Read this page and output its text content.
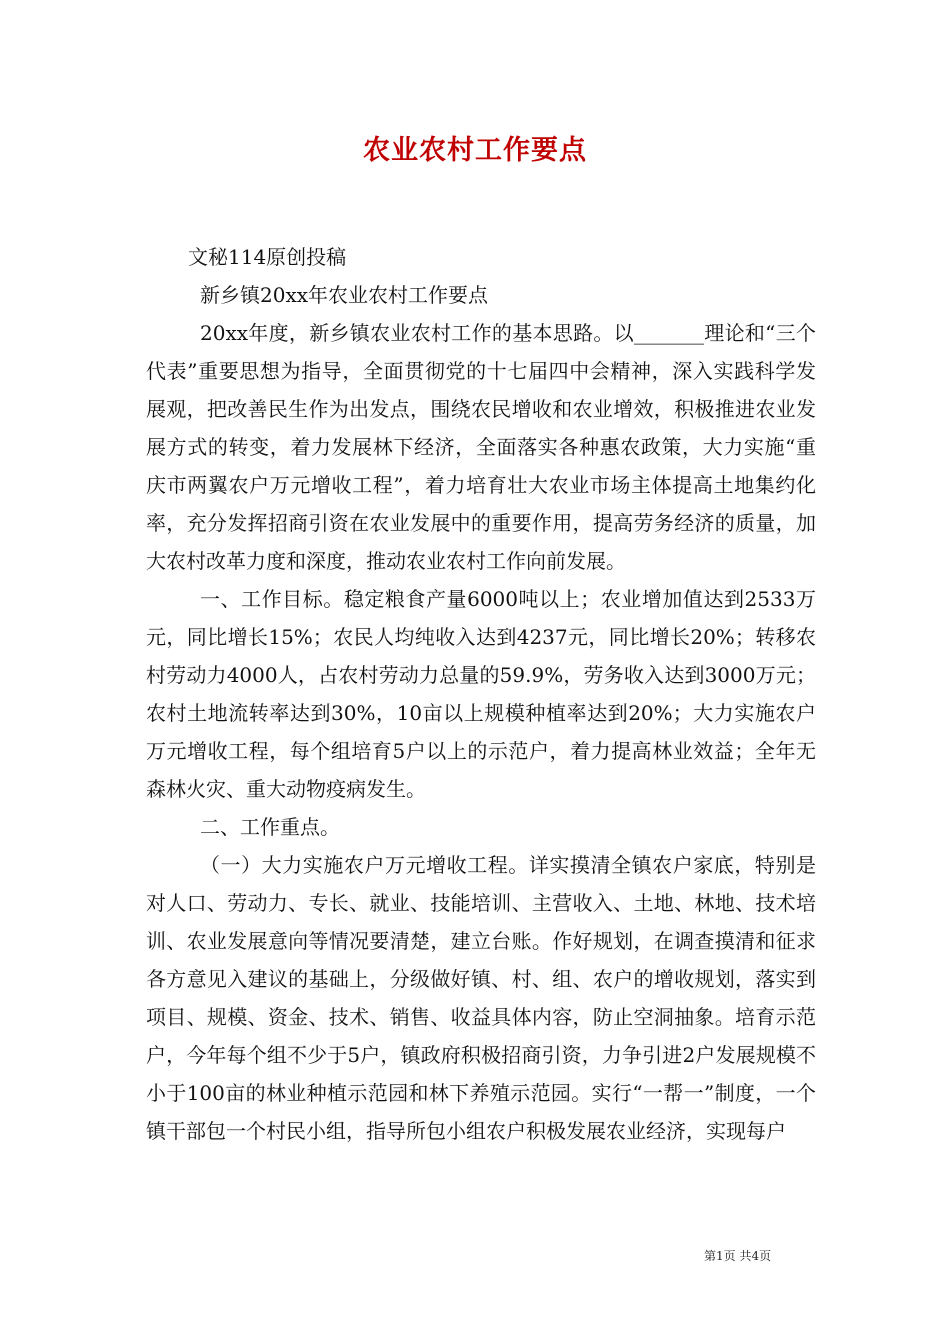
农业农村工作要点

文秘114原创投稿

新乡镇20xx年农业农村工作要点

20xx年度，新乡镇农业农村工作的基本思路。以_______理论和“三个代表”重要思想为指导，全面贯彻党的十七届四中会精神，深入实践科学发展观，把改善民生作为出发点，围绕农民增收和农业增效，积极推进农业发展方式的转变，着力发展林下经济，全面落实各种惠农政策，大力实施“重庆市两翼农户万元增收工程”，着力培育壮大农业市场主体提高土地集约化率，充分发挥招商引资在农业发展中的重要作用，提高劳务经济的质量，加大农村改革力度和深度，推动农业农村工作向前发展。

一、工作目标。稳定粮食产量6000吨以上；农业增加值达到2533万元，同比增长15%；农民人均纯收入达到4237元，同比增长20%；转移农村劳动力4000人，占农村劳动力总量的59.9%，劳务收入达到3000万元；农村土地流转率达到30%，10亩以上规模种植率达到20%；大力实施农户万元增收工程，每个组培育5户以上的示范户，着力提高林业效益；全年无森林火灾、重大动物疫病发生。

二、工作重点。

（一）大力实施农户万元增收工程。详实摸清全镇农户家底，特别是对人口、劳动力、专长、就业、技能培训、主营收入、土地、林地、技术培训、农业发展意向等情况要清楚，建立台账。作好规划，在调查摸清和征求各方意见入建议的基础上，分级做好镇、村、组、农户的增收规划，落实到项目、规模、资金、技术、销售、收益具体内容，防止空洞抽象。培育示范户，今年每个组不少于5户，镇政府积极招商引资，力争引进2户发展规模不小于100亩的林业种植示范园和林下养殖示范园。实行“一帮一”制度，一个镇干部包一个村民小组，指导所包小组农户积极发展农业经济，实现每户

第1页 共4页
